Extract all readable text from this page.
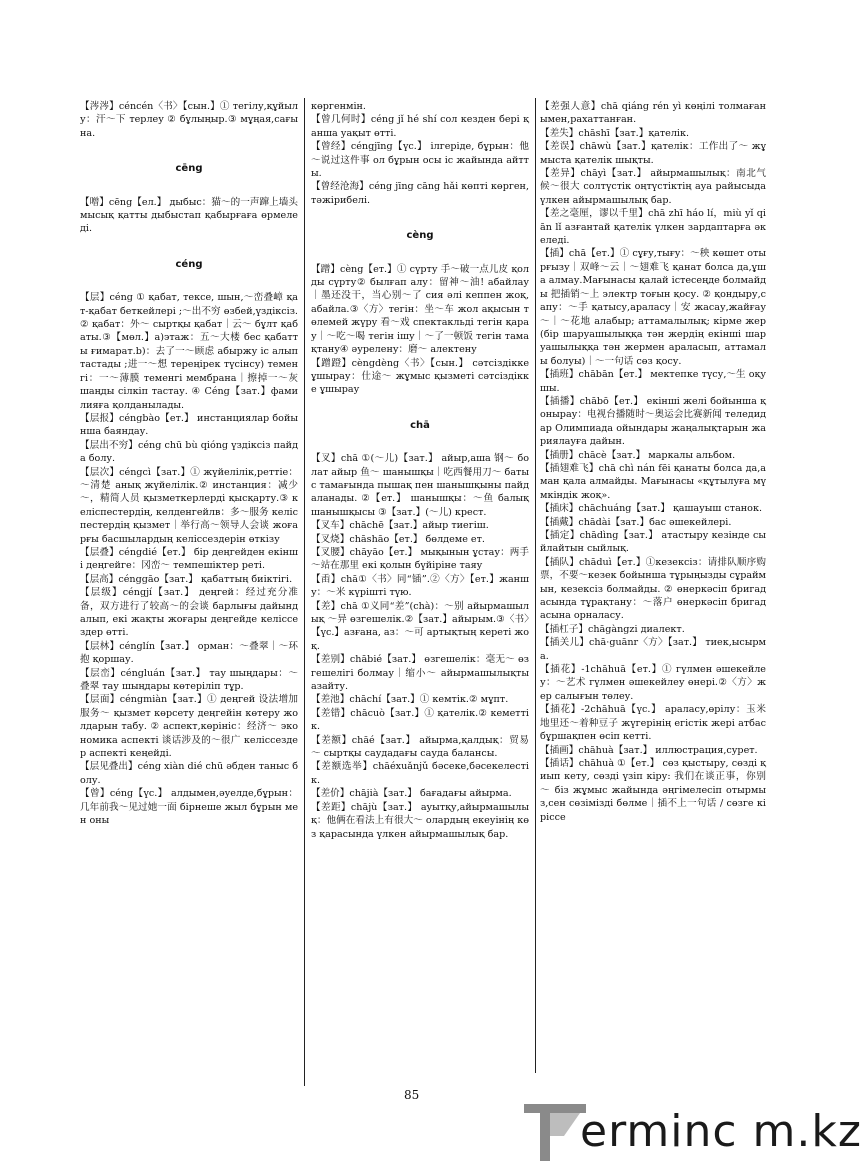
【涔涔】céncén〈书〉【сын.】① тегілу,құйылу：汗～下 терлеу ② бұлыңыр.③ мұңая,сағына.

cēng

【噌】cēng【ел.】 дыбыс：猫～的一声蹿上墙头 мысық қатты дыбыстап қабырғаға өрмеледі.

céng

【层】céng ① қабат, тексе, шын,～峦叠嶂 қат-қабат беткейлері ;～出不穷 өзбей,үздіксіз.② қабат：外～ сыртқы қабат｜云～ бұлт қабаты.③【мөл.】а)этаж：五～大楼 бес қабатты ғимарат.b)：去了一～顾虑 абыржу іс алып тастады ;进一～想 тереңірек түсінсу) теменгі：一～薄膜 теменгі мембрана｜擦掉一～灰 шаңды сілкіп тастау. ④ Céng【зат.】фамилияға қолданылады.

【层报】céngbào【ет.】 инстанциялар бойынша баяндау.

【层出不穷】céng chū bù qióng үздіксіз пайда болу.

【层次】céngcì【зат.】① жүйелілік,реттіе：～清楚 анық жүйелілік.② инстанция：减少～，精简人员 қызметкерлерді қысқарту.③ келіспестердің, келденгейлв：多～服务 келіспестердің қызмет｜举行高～领导人会谈 жоғарғы басшылардың келіссездерін өткізу

【层叠】céngdié【ет.】 бір деңгейден екінші деңгейге：冈峦～ темпешіктер реті.

【层高】cénggāo【зат.】 қабаттың биіктігі.

【层级】céngjí【зат.】 деңгей：经过充分准备，双方进行了较高～的会谈 барлығы дайындалып, екі жақты жоғары деңгейде келіссездер өтті.

【层林】cénglín【зат.】 орман：～叠翠｜～环抱 қоршау.

【层峦】céngluán【зат.】 тау шыңдары：～叠翠 тау шыңдары көтеріліп тұр.

【层面】céngmiàn【зат.】① деңгей 设法增加服务～ қызмет көрсету деңгейін көтеру жолдарын табу. ② аспект,көрініс：经济～ экономика аспекті 谈话涉及的～很广 келіссездер аспекті кеңейді.

【层见叠出】céng xiàn dié chū әбден таныс болу.

【曾】céng【үс.】 алдымен,әуелде,бұрын：几年前我～见过她一面 бірнеше жыл бұрын мен оны

көргенмін.

【曾几何时】céng jǐ hé shí сол кезден бері қанша уақыт өтті.

【曾经】céngjīng【үс.】 ілгеріде, бұрын：他～说过这件事 ол бұрын осы іс жайында айтты.

【曾经沧海】céng jīng cāng hǎi көпті көрген, тәжірибелі.

cèng

【蹭】cèng【ет.】① сүрту 手～破一点儿皮 қолды сүрту② былғап алу：留神～油! абайлау｜墨还没干，当心别～了 сия әлі кеппен жоқ, абайла.③〈方〉тегін：坐～车 жол ақысын төлемей жүру 看～戏 спектакльді тегін қарау｜～吃～喝 тегін ішу｜～了一顿饭 тегін тамақтану④ әурелену：磨～ алектену

【蹭蹬】cèngdèng〈书〉【сын.】 сәтсіздікке ұшырау：仕途～ жұмыс қызметі сәтсіздікке ұшырау

chā

【叉】chā ①(～儿)【зат.】 айыр,аша 钢～ болат айыр 鱼～ шанышқы｜吃西餐用刀～ батыс тамағында пышақ пен шанышқыны пайдаланады. ②【ет.】 шанышқы：～鱼 балық шанышқысы ③【зат.】(～儿) крест.

【叉车】chāchē【зат.】айыр тиегіш.

【叉烧】chāshāo【ет.】 бөлдеме ет.

【叉腰】chāyāo【ет.】 мықынын ұстау：两手～站在那里 екі қолын бүйіріне таяу

【臿】chā①〈书〉同“锸”.②〈方〉【ет.】жаншу：～米 күрішті түю.

【差】chā ①义同“差”(chà)：～别 айырмашылық ～异 өзгешелік.②【зат.】айырым.③〈书〉【үс.】азғана, аз：～可 артықтың кереті жоқ.

【差别】chābié【зат.】 өзгешелік：毫无～ өзгешелігі болмау｜缩小～ айырмашылықты азайту.

【差池】chāchí【зат.】① кемтік.② мұпт.

【差错】chācuò【зат.】① қателік.② кеметтік.

【差额】chāé【зат.】 айырма,қалдық：贸易～ сыртқы саудадағы сауда балансы.

【差额选举】chāéxuǎnjǔ бәсеке,бәсекелестік.

【差价】chājià【зат.】 бағадағы айырма.

【差距】chājù【зат.】 ауытқу,айырмашылық：他俩在看法上有很大～ олардың екеуінің көз қарасында үлкен айырмашылық бар.

【差强人意】chā qiáng rén yì көңілі толмағанымен,рахаттанған.

【差失】chāshī【зат.】қателік.

【差误】chāwù【зат.】қателік：工作出了～ жұмыста қателік шықты.

【差异】chāyì【зат.】 айырмашылық：南北气候～很大 солтүстік оңтүстіктің ауа райысыда үлкен айырмашылық бар.

【差之毫厘，谬以千里】chā zhī háo lí，miù yǐ qiān lǐ азғантай қателік үлкен зардаптарға әкеледі.

【插】chā【ет.】① сұғу,тығу：～秧 көшет отырғызу｜双峰～云｜～翅难飞 қанат болса да,ұша алмау.Мағынасы қалай істесеңде болмайды 把插销～上 электр тоғын қосу. ② қондыру,сапу：～手 қатысу,араласу｜安 жасау,жайғау～｜～花地 алабыр; аттамалылық; кірме жер(бір шаруашылыққа тән жердің екінші шаруашылыққа тән жермен араласып, аттамалы болуы)｜～一句话 сөз қосу.

【插班】chābān【ет.】 мектепке түсу,～生 оқушы.

【插播】chābō【ет.】 екінші желі бойынша қонырау：电视台播随时～奥运会比赛新闻 теледидар Олимпиада ойындары жаңалықтарын жариялауға дайын.

【插册】chācè【зат.】 маркалы альбом.

【插翅难飞】chā chì nán fēi қанаты болса да,аман қала алмайды. Мағынасы «құтылуға мүмкіндік жоқ».

【插床】chāchuáng【зат.】 қашауыш станок.

【插戴】chādài【зат.】бас әшекейлері.

【插定】chādìng【зат.】 атастыру кезінде сыйлайтын сыйлық.

【插队】chāduì【ет.】①кезексіз：请排队顺序购票，不要～кезек бойынша тұрыңызды сұраймын, кезексіз болмайды. ② өнеркәсіп бригадасында тұрақтану：～落户 өнеркәсіп бригадасына орналасу.

【插杠子】chāgàngzi диалект.

【插关儿】chā·guānr〈方〉【зат.】 тиек,ысырма.

【插花】-1chāhuā【ет.】① гүлмен әшекейлеу：～艺术 гүлмен әшекейлеу өнері.②〈方〉жер салығын төлеу.

【插花】-2chāhuā【үс.】 араласу,өрілу：玉米地里还～着种豆子 жүгерінің егістік жері атбас бұршақпен өсіп кетті.

【插画】chāhuà【зат.】 иллюстрация,сурет.

【插话】chāhuà ①【ет.】 сөз қыстыру, сөзді қиып кету, сөзді үзіп кіру: 我们在谈正事，你别～ біз жұмыс жайында әңгімелесіп отырмыз,сен сөзімізді бөлме｜插不上一句话 / сөзге кіріссе

85
erminc m.kz
